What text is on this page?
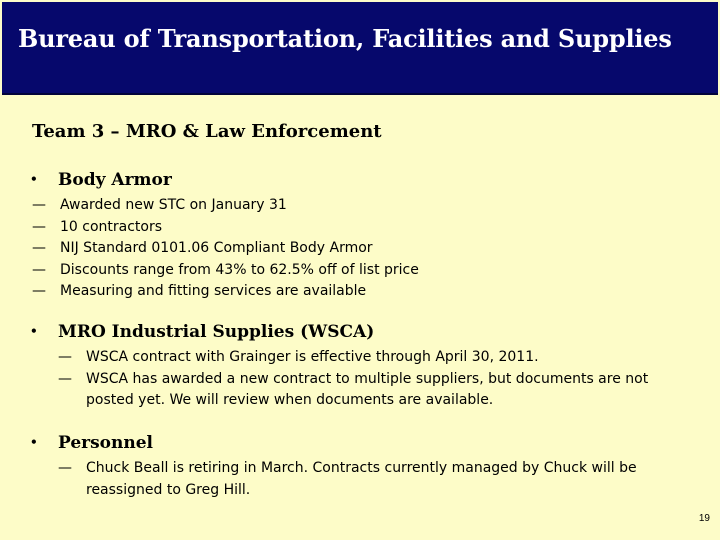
Bureau of Transportation, Facilities and Supplies
Team 3 – MRO & Law Enforcement
•	Body Armor
—	Awarded new STC on January 31
—	10 contractors
—	NIJ Standard 0101.06 Compliant Body Armor
—	Discounts range from 43% to 62.5% off of list price
—	Measuring and fitting services are available
•	MRO Industrial Supplies (WSCA)
—	WSCA contract with Grainger is effective through April 30, 2011.
—	WSCA has awarded a new contract to multiple suppliers, but documents are not posted yet. We will review when documents are available.
•	Personnel
—	Chuck Beall is retiring in March. Contracts currently managed by Chuck will be reassigned to Greg Hill.
19
